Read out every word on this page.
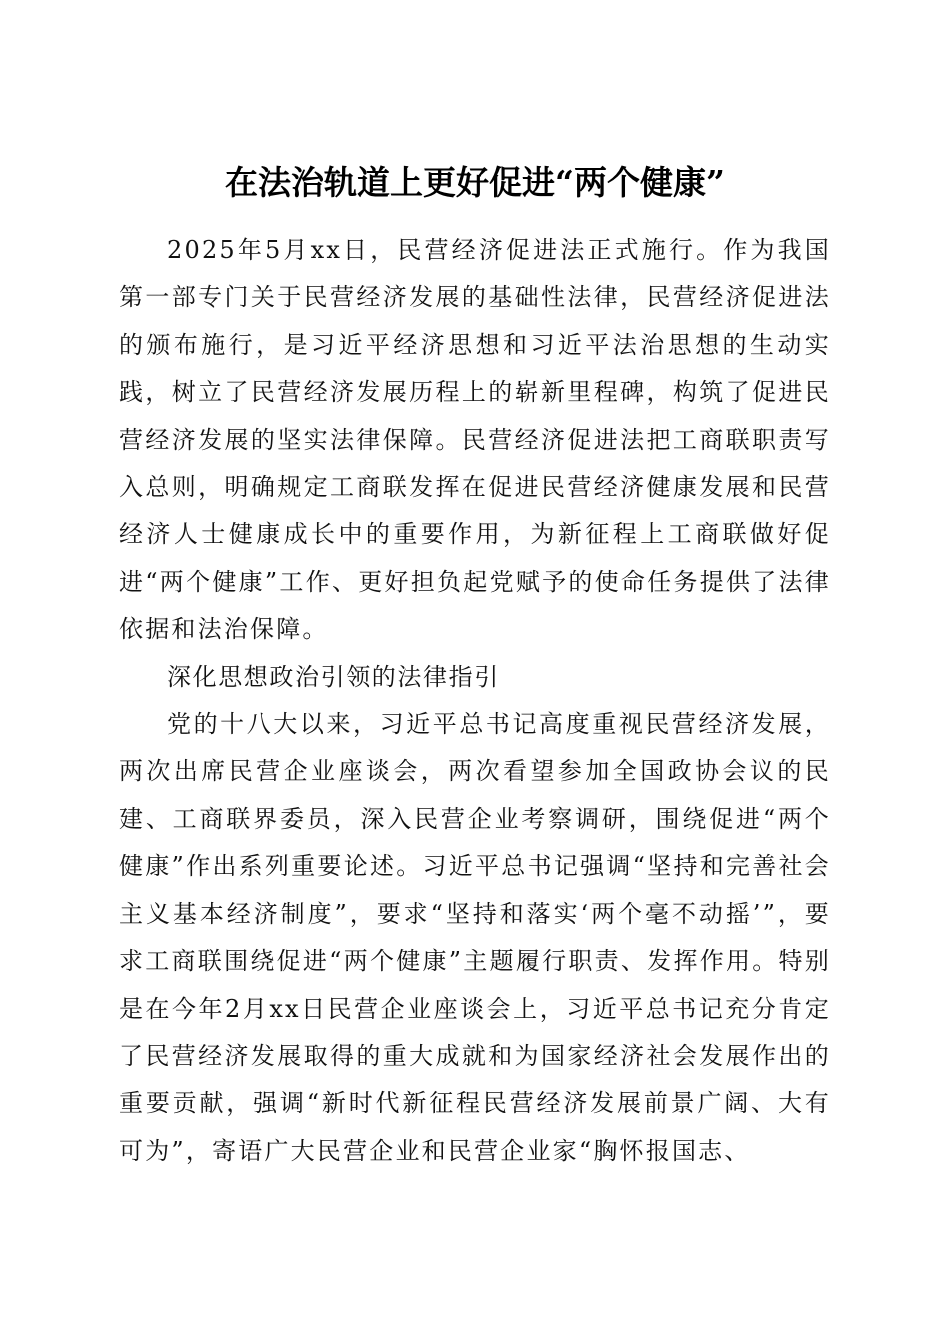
在法治轨道上更好促进“两个健康”

2025年5月xx日，民营经济促进法正式施行。作为我国第一部专门关于民营经济发展的基础性法律，民营经济促进法的颁布施行，是习近平经济思想和习近平法治思想的生动实践，树立了民营经济发展历程上的崭新里程碑，构筑了促进民营经济发展的坚实法律保障。民营经济促进法把工商联职责写入总则，明确规定工商联发挥在促进民营经济健康发展和民营经济人士健康成长中的重要作用，为新征程上工商联做好促进“两个健康”工作、更好担负起党赋予的使命任务提供了法律依据和法治保障。

深化思想政治引领的法律指引

党的十八大以来，习近平总书记高度重视民营经济发展，两次出席民营企业座谈会，两次看望参加全国政协会议的民建、工商联界委员，深入民营企业考察调研，围绕促进“两个健康”作出系列重要论述。习近平总书记强调“坚持和完善社会主义基本经济制度”，要求“坚持和落实‘两个毫不动摇’”，要求工商联围绕促进“两个健康”主题履行职责、发挥作用。特别是在今年2月xx日民营企业座谈会上，习近平总书记充分肯定了民营经济发展取得的重大成就和为国家经济社会发展作出的重要贡献，强调“新时代新征程民营经济发展前景广阔、大有可为”，寄语广大民营企业和民营企业家“胸怀报国志、
